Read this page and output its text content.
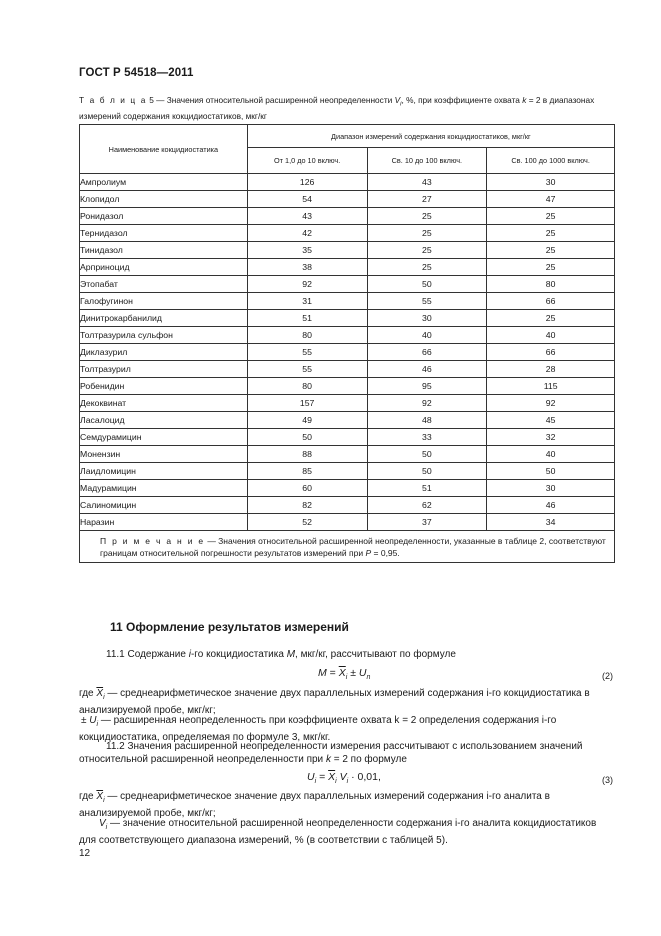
ГОСТ Р 54518—2011
Т а б л и ц а 5 — Значения относительной расширенной неопределенности $V_i$, %, при коэффициенте охвата k = 2 в диапазонах измерений содержания кокцидиостатиков, мкг/кг
Наименование кокцидиостатика	Диапазон измерений содержания кокцидиостатиков, мкг/кг		
	От 1,0 до 10 включ.	Св. 10 до 100 включ.	Св. 100 до 1000 включ.
Ампролиум	126	43	30
Клопидол	54	27	47
Ронидазол	43	25	25
Тернидазол	42	25	25
Тинидазол	35	25	25
Арпринoцид	38	25	25
Этопабат	92	50	80
Галофугинон	31	55	66
Динитрокарбанилид	51	30	25
Толтразурила сульфон	80	40	40
Диклазурил	55	66	66
Толтразурил	55	46	28
Робенидин	80	95	115
Декоквинат	157	92	92
Ласалоцид	49	48	45
Семдурамицин	50	33	32
Монензин	88	50	40
Лаидломицин	85	50	50
Мадурамицин	60	51	30
Салиномицин	82	62	46
Наразин	52	37	34
П р и м е ч а н и е — Значения относительной расширенной неопределенности, указанные в таблице 2, соответствуют границам относительной погрешности результатов измерений при P = 0,95.			
11 Оформление результатов измерений
11.1 Содержание i-го кокцидиостатика M, мкг/кг, рассчитывают по формуле
$M = \overline{X}_i \pm U_n$	(2)
где $\overline{X}_i$ — среднеарифметическое значение двух параллельных измерений содержания i-го кокцидиостатика в анализируемой пробе, мкг/кг;
± $U_i$ — расширенная неопределенность при коэффициенте охвата k = 2 определения содержания i-го кокцидиостатика, определяемая по формуле 3, мкг/кг.
11.2 Значения расширенной неопределенности измерения рассчитывают с использованием значений относительной расширенной неопределенности при k = 2 по формуле
$U_i = \overline{X}_i$ $V_i \cdot 0,01$,	(3)
где $\overline{X}_i$ — среднеарифметическое значение двух параллельных измерений содержания i-го аналита в анализируемой пробе, мкг/кг;
$V_i$ — значение относительной расширенной неопределенности содержания i-го аналита кокцидиостатиков для соответствующего диапазона измерений, % (в соответствии с таблицей 5).
12
